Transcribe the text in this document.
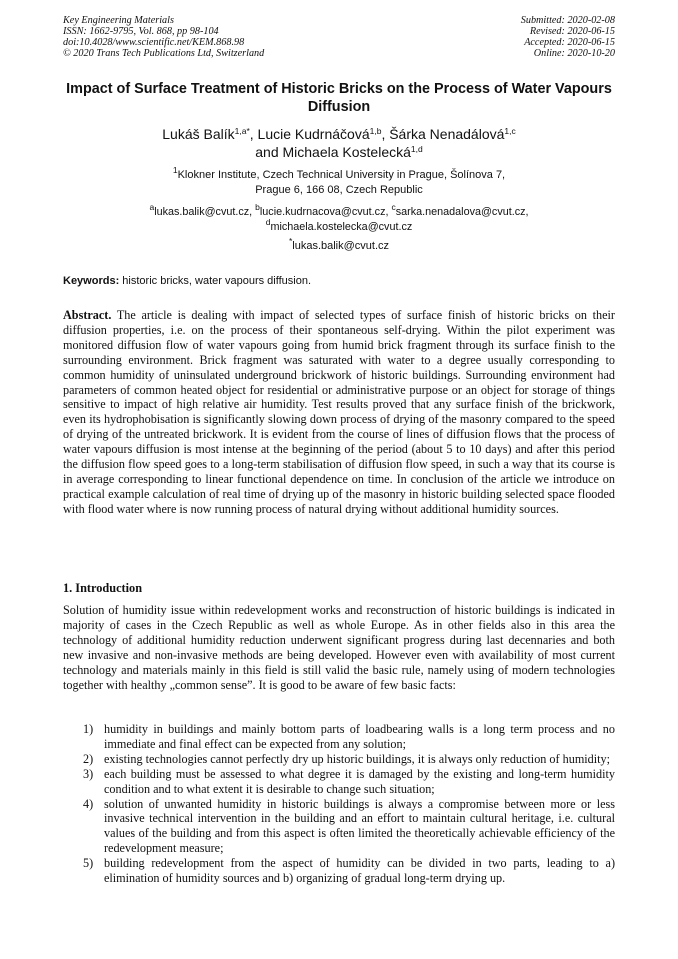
Key Engineering Materials
ISSN: 1662-9795, Vol. 868, pp 98-104
doi:10.4028/www.scientific.net/KEM.868.98
© 2020 Trans Tech Publications Ltd, Switzerland
Submitted: 2020-02-08
Revised: 2020-06-15
Accepted: 2020-06-15
Online: 2020-10-20
Impact of Surface Treatment of Historic Bricks on the Process of Water Vapours Diffusion
Lukáš Balík$^{1,a*}$, Lucie Kudrnáčová$^{1,b}$, Šárka Nenadálová$^{1,c}$
and Michaela Kostelecká$^{1,d}$
$^1$Klokner Institute, Czech Technical University in Prague, Šolínova 7,
Prague 6, 166 08, Czech Republic
$^a$lukas.balik@cvut.cz, $^b$lucie.kudrnacova@cvut.cz, $^c$sarka.nenadalova@cvut.cz,
$^d$michaela.kostelecka@cvut.cz
*lukas.balik@cvut.cz
Keywords: historic bricks, water vapours diffusion.
Abstract. The article is dealing with impact of selected types of surface finish of historic bricks on their diffusion properties, i.e. on the process of their spontaneous self-drying. Within the pilot experiment was monitored diffusion flow of water vapours going from humid brick fragment through its surface finish to the surrounding environment. Brick fragment was saturated with water to a degree usually corresponding to common humidity of uninsulated underground brickwork of historic buildings. Surrounding environment had parameters of common heated object for residential or administrative purpose or an object for storage of things sensitive to impact of high relative air humidity. Test results proved that any surface finish of the brickwork, even its hydrophobisation is significantly slowing down process of drying of the masonry compared to the speed of drying of the untreated brickwork. It is evident from the course of lines of diffusion flows that the process of water vapours diffusion is most intense at the beginning of the period (about 5 to 10 days) and after this period the diffusion flow speed goes to a long-term stabilisation of diffusion flow speed, in such a way that its course is in average corresponding to linear functional dependence on time. In conclusion of the article we introduce on practical example calculation of real time of drying up of the masonry in historic building selected space flooded with flood water where is now running process of natural drying without additional humidity sources.
1. Introduction
Solution of humidity issue within redevelopment works and reconstruction of historic buildings is indicated in majority of cases in the Czech Republic as well as whole Europe. As in other fields also in this area the technology of additional humidity reduction underwent significant progress during last decennaries and both new invasive and non-invasive methods are being developed. However even with availability of most current technology and materials mainly in this field is still valid the basic rule, namely using of modern technologies together with healthy „common sense”. It is good to be aware of few basic facts:
1) humidity in buildings and mainly bottom parts of loadbearing walls is a long term process and no immediate and final effect can be expected from any solution;
2) existing technologies cannot perfectly dry up historic buildings, it is always only reduction of humidity;
3) each building must be assessed to what degree it is damaged by the existing and long-term humidity condition and to what extent it is desirable to change such situation;
4) solution of unwanted humidity in historic buildings is always a compromise between more or less invasive technical intervention in the building and an effort to maintain cultural heritage, i.e. cultural values of the building and from this aspect is often limited the theoretically achievable efficiency of the redevelopment measure;
5) building redevelopment from the aspect of humidity can be divided in two parts, leading to a) elimination of humidity sources and b) organizing of gradual long-term drying up.
